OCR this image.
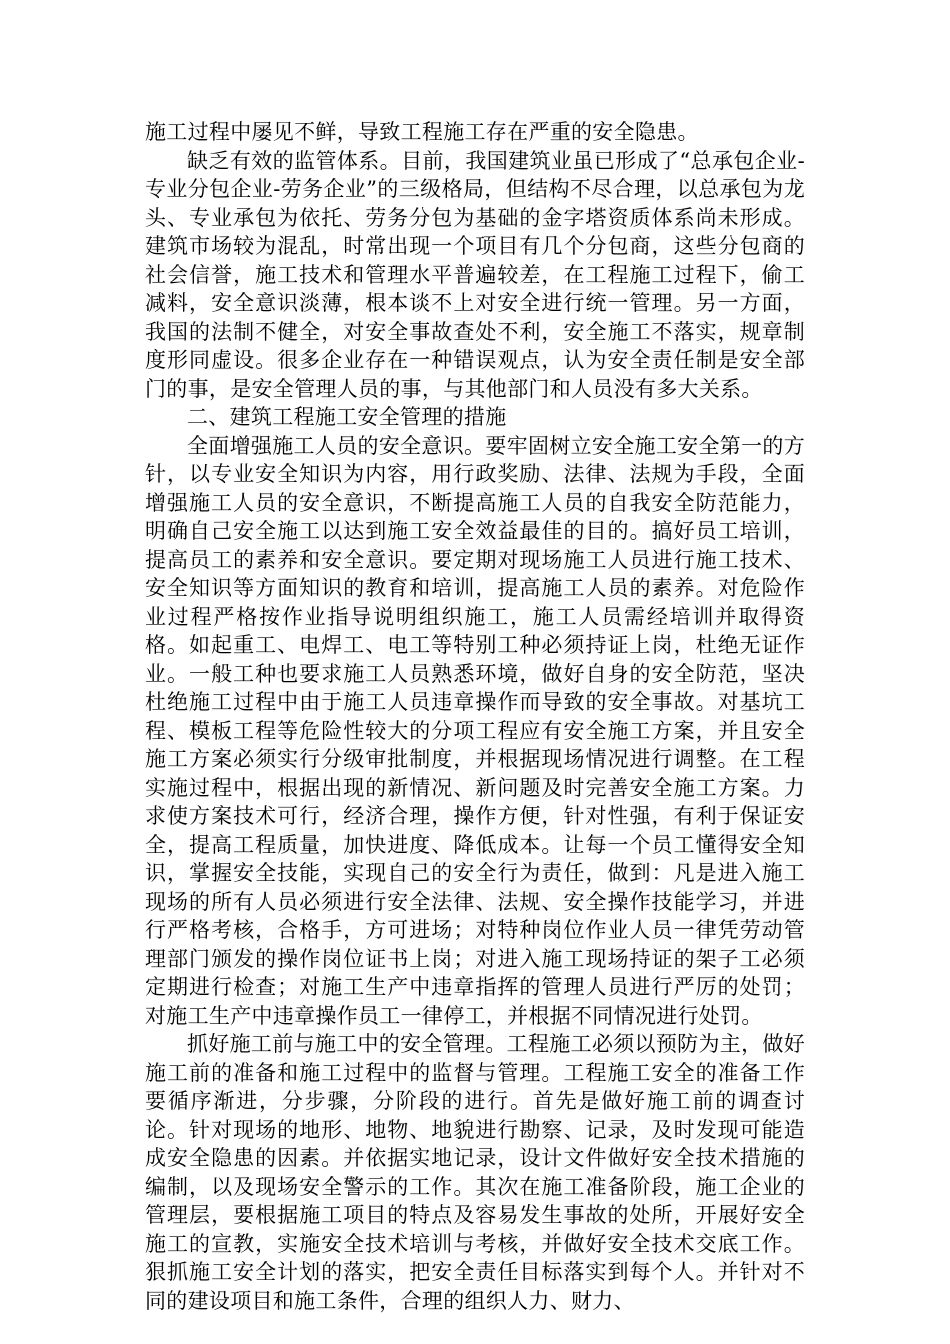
施工过程中屡见不鲜，导致工程施工存在严重的安全隐患。

缺乏有效的监管体系。目前，我国建筑业虽已形成了“总承包企业-专业分包企业-劳务企业”的三级格局，但结构不尽合理，以总承包为龙头、专业承包为依托、劳务分包为基础的金字塔资质体系尚未形成。建筑市场较为混乱，时常出现一个项目有几个分包商，这些分包商的社会信誉，施工技术和管理水平普遍较差，在工程施工过程下，偷工减料，安全意识淡薄，根本谈不上对安全进行统一管理。另一方面，我国的法制不健全，对安全事故查处不利，安全施工不落实，规章制度形同虚设。很多企业存在一种错误观点，认为安全责任制是安全部门的事，是安全管理人员的事，与其他部门和人员没有多大关系。

二、建筑工程施工安全管理的措施

全面增强施工人员的安全意识。要牢固树立安全施工安全第一的方针，以专业安全知识为内容，用行政奖励、法律、法规为手段，全面增强施工人员的安全意识，不断提高施工人员的自我安全防范能力，明确自己安全施工以达到施工安全效益最佳的目的。搞好员工培训，提高员工的素养和安全意识。要定期对现场施工人员进行施工技术、安全知识等方面知识的教育和培训，提高施工人员的素养。对危险作业过程严格按作业指导说明组织施工，施工人员需经培训并取得资格。如起重工、电焊工、电工等特别工种必须持证上岗，杜绝无证作业。一般工种也要求施工人员熟悉环境，做好自身的安全防范，坚决杜绝施工过程中由于施工人员违章操作而导致的安全事故。对基坑工程、模板工程等危险性较大的分项工程应有安全施工方案，并且安全施工方案必须实行分级审批制度，并根据现场情况进行调整。在工程实施过程中，根据出现的新情况、新问题及时完善安全施工方案。力求使方案技术可行，经济合理，操作方便，针对性强，有利于保证安全，提高工程质量，加快进度、降低成本。让每一个员工懂得安全知识，掌握安全技能，实现自己的安全行为责任，做到：凡是进入施工现场的所有人员必须进行安全法律、法规、安全操作技能学习，并进行严格考核，合格手，方可进场；对特种岗位作业人员一律凭劳动管理部门颁发的操作岗位证书上岗；对进入施工现场持证的架子工必须定期进行检查；对施工生产中违章指挥的管理人员进行严厉的处罚；对施工生产中违章操作员工一律停工，并根据不同情况进行处罚。

抓好施工前与施工中的安全管理。工程施工必须以预防为主，做好施工前的准备和施工过程中的监督与管理。工程施工安全的准备工作要循序渐进，分步骤，分阶段的进行。首先是做好施工前的调查讨论。针对现场的地形、地物、地貌进行勘察、记录，及时发现可能造成安全隐患的因素。并依据实地记录，设计文件做好安全技术措施的编制，以及现场安全警示的工作。其次在施工准备阶段，施工企业的管理层，要根据施工项目的特点及容易发生事故的处所，开展好安全施工的宣教，实施安全技术培训与考核，并做好安全技术交底工作。狠抓施工安全计划的落实，把安全责任目标落实到每个人。并针对不同的建设项目和施工条件，合理的组织人力、财力、
